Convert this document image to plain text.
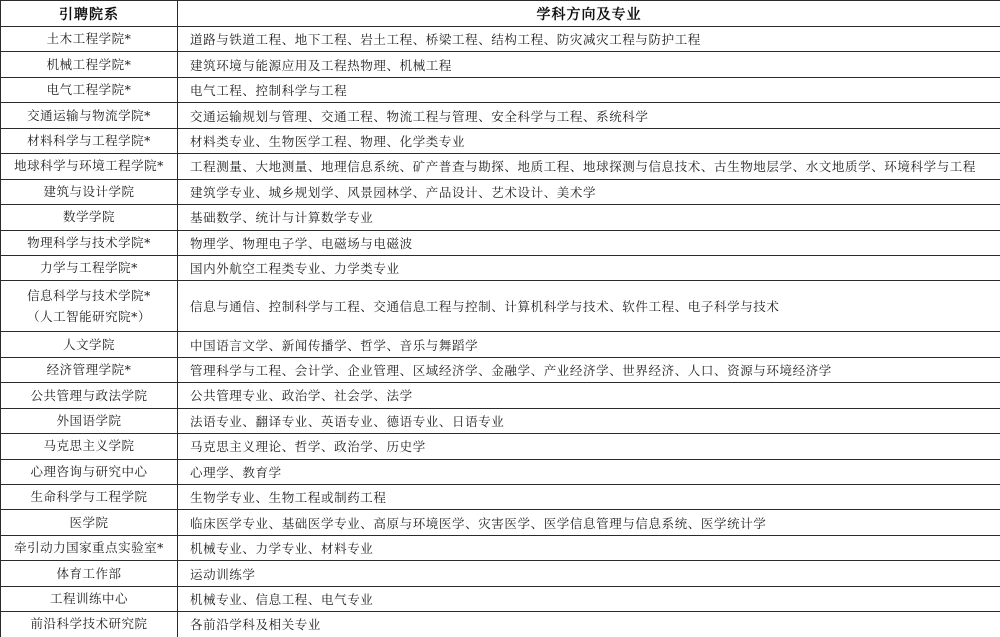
引聘院系	学科方向及专业

土木工程学院*	道路与铁道工程、地下工程、岩土工程、桥梁工程、结构工程、防灾减灾工程与防护工程

机械工程学院*	建筑环境与能源应用及工程热物理、机械工程

电气工程学院*	电气工程、控制科学与工程

交通运输与物流学院*	交通运输规划与管理、交通工程、物流工程与管理、安全科学与工程、系统科学

材料科学与工程学院*	材料类专业、生物医学工程、物理、化学类专业

地球科学与环境工程学院*	工程测量、大地测量、地理信息系统、矿产普查与勘探、地质工程、地球探测与信息技术、古生物地层学、水文地质学、环境科学与工程

建筑与设计学院	建筑学专业、城乡规划学、风景园林学、产品设计、艺术设计、美术学

数学学院	基础数学、统计与计算数学专业

物理科学与技术学院*	物理学、物理电子学、电磁场与电磁波

力学与工程学院*	国内外航空工程类专业、力学类专业

信息科学与技术学院*
（人工智能研究院*）	信息与通信、控制科学与工程、交通信息工程与控制、计算机科学与技术、软件工程、电子科学与技术

人文学院	中国语言文学、新闻传播学、哲学、音乐与舞蹈学

经济管理学院*	管理科学与工程、会计学、企业管理、区域经济学、金融学、产业经济学、世界经济、人口、资源与环境经济学

公共管理与政法学院	公共管理专业、政治学、社会学、法学

外国语学院	法语专业、翻译专业、英语专业、德语专业、日语专业

马克思主义学院	马克思主义理论、哲学、政治学、历史学

心理咨询与研究中心	心理学、教育学

生命科学与工程学院	生物学专业、生物工程或制药工程

医学院	临床医学专业、基础医学专业、高原与环境医学、灾害医学、医学信息管理与信息系统、医学统计学

牵引动力国家重点实验室*	机械专业、力学专业、材料专业

体育工作部	运动训练学

工程训练中心	机械专业、信息工程、电气专业

前沿科学技术研究院	各前沿学科及相关专业
